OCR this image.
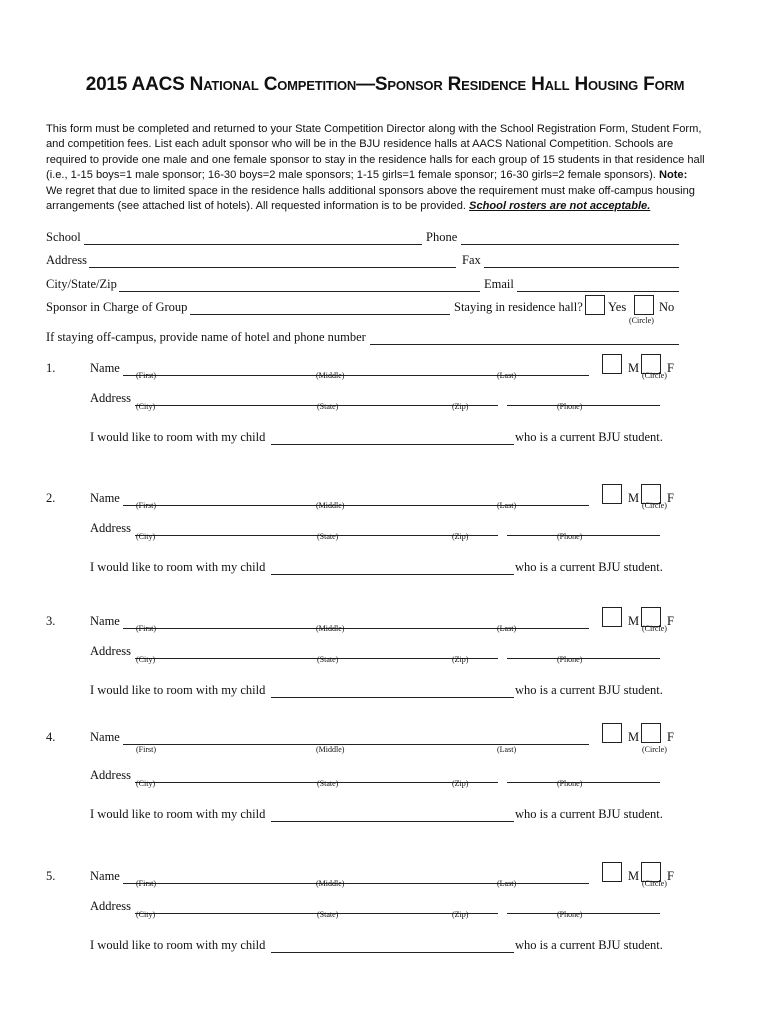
2015 AACS National Competition—Sponsor Residence Hall Housing Form
This form must be completed and returned to your State Competition Director along with the School Registration Form, Student Form, and competition fees. List each adult sponsor who will be in the BJU residence halls at AACS National Competition. Schools are required to provide one male and one female sponsor to stay in the residence halls for each group of 15 students in that residence hall (i.e., 1-15 boys=1 male sponsor; 16-30 boys=2 male sponsors; 1-15 girls=1 female sponsor; 16-30 girls=2 female sponsors). Note: We regret that due to limited space in the residence halls additional sponsors above the requirement must make off-campus housing arrangements (see attached list of hotels). All requested information is to be provided. School rosters are not acceptable.
School	Phone
Address	Fax
City/State/Zip	Email
Sponsor in Charge of Group	Staying in residence hall? Yes	No
(Circle)
If staying off-campus, provide name of hotel and phone number
1.	Name	M F
(First)	(Middle)	(Last)	(Circle)
Address
(City)	(State)	(Zip)	(Phone)
I would like to room with my child	who is a current BJU student.
2.	Name	M F
(First)	(Middle)	(Last)	(Circle)
Address
(City)	(State)	(Zip)	(Phone)
I would like to room with my child	who is a current BJU student.
3.	Name	M F
(First)	(Middle)	(Last)	(Circle)
Address
(City)	(State)	(Zip)	(Phone)
I would like to room with my child	who is a current BJU student.
4.	Name	M F
(First)	(Middle)	(Last)	(Circle)
Address
(City)	(State)	(Zip)	(Phone)
I would like to room with my child	who is a current BJU student.
5.	Name	M F
(First)	(Middle)	(Last)	(Circle)
Address
(City)	(State)	(Zip)	(Phone)
I would like to room with my child	who is a current BJU student.
